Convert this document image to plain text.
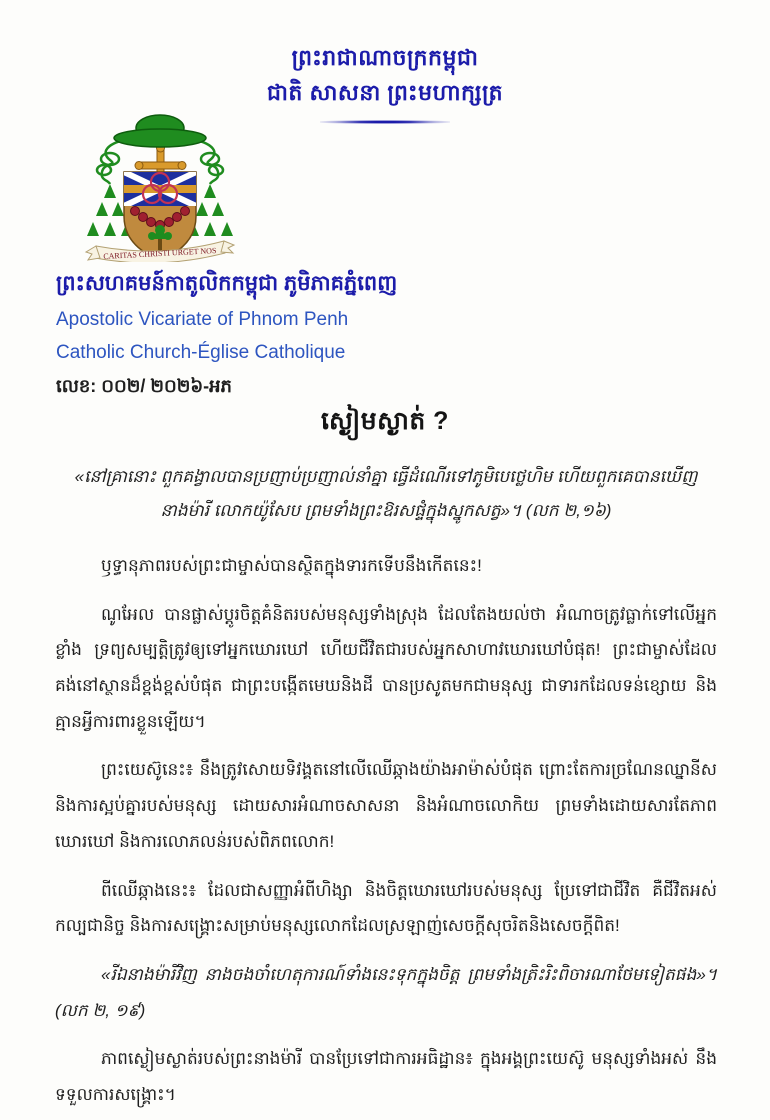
ព្រះរាជាណាចក្រកម្ពុជា
ជាតិ សាសនា ព្រះមហាក្សត្រ
CARITAS CHRISTI URGET NOS
ព្រះសហគមន៍កាតូលិកកម្ពុជា ភូមិភាគភ្នំពេញ
Apostolic Vicariate of Phnom Penh
Catholic Church-Église Catholique
លេខ: ០០២/ ២០២៦-អភ
ស្ងៀមស្ងាត់ ?

«នៅគ្រានោះ ពួកគង្វាលបានប្រញាប់ប្រញាល់នាំគ្នា ធ្វើដំណើរទៅភូមិបេថ្លេហិម ហើយពួកគេបានឃើញ នាងម៉ារី លោកយ៉ូសែប ព្រមទាំងព្រះឱរសផ្ទំក្នុងស្នូកសត្វ»។ (លក ២,១៦)

ឫទ្ធានុភាពរបស់ព្រះជាម្ចាស់បានស្ថិតក្នុងទារកទើបនឹងកើតនេះ!

ណូអែល បានផ្លាស់ប្តូរចិត្តគំនិតរបស់មនុស្សទាំងស្រុង ដែលតែងយល់ថា អំណាចត្រូវធ្លាក់ទៅលើអ្នកខ្លាំង ទ្រព្យសម្បត្តិត្រូវឲ្យទៅអ្នកឃោរឃៅ ហើយជីវិតជារបស់អ្នកសាហាវឃោរឃៅបំផុត! ព្រះជាម្ចាស់ដែលគង់នៅស្ថានដ៏ខ្ពង់ខ្ពស់បំផុត ជាព្រះបង្កើតមេឃនិងដី បានប្រសូតមកជាមនុស្ស ជាទារកដែលទន់ខ្សោយ និងគ្មានអ្វីការពារខ្លួនឡើយ។

ព្រះយេស៊ូនេះ៖ នឹងត្រូវសោយទិវង្គតនៅលើឈើឆ្កាងយ៉ាងអាម៉ាស់បំផុត ព្រោះតែការច្រណែនឈ្នានីស និងការស្អប់គ្នារបស់មនុស្ស ដោយសារអំណាចសាសនា និងអំណាចលោកិយ ព្រមទាំងដោយសារតែភាពឃោរឃៅ និងការលោភលន់របស់ពិភពលោក!

ពីឈើឆ្កាងនេះ៖ ដែលជាសញ្ញាអំពីហិង្សា និងចិត្តឃោរឃៅរបស់មនុស្ស ប្រែទៅជាជីវិត គឺជីវិតអស់កល្បជានិច្ច និងការសង្គ្រោះសម្រាប់មនុស្សលោកដែលស្រឡាញ់សេចក្ដីសុចរិតនិងសេចក្ដីពិត!

«រីឯនាងម៉ារីវិញ នាងចងចាំហេតុការណ៍ទាំងនេះទុកក្នុងចិត្ត ព្រមទាំងត្រិះរិះពិចារណាថែមទៀតផង»។ (លក ២, ១៩)

ភាពស្ងៀមស្ងាត់របស់ព្រះនាងម៉ារី បានប្រែទៅជាការអធិដ្ឋាន៖ ក្នុងអង្គព្រះយេស៊ូ មនុស្សទាំងអស់ នឹងទទួលការសង្គ្រោះ។
